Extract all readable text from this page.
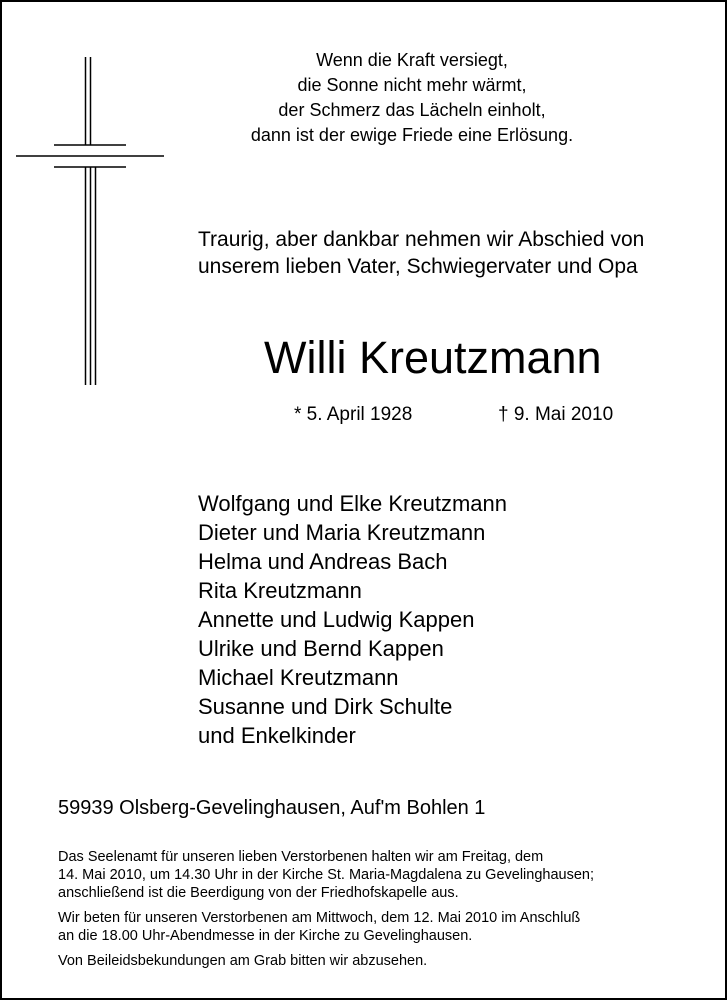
Wenn die Kraft versiegt,
die Sonne nicht mehr wärmt,
der Schmerz das Lächeln einholt,
dann ist der ewige Friede eine Erlösung.
Traurig, aber dankbar nehmen wir Abschied von
unserem lieben Vater, Schwiegervater und Opa
Willi Kreutzmann
* 5. April 1928	† 9. Mai 2010
Wolfgang und Elke Kreutzmann
Dieter und Maria Kreutzmann
Helma und Andreas Bach
Rita Kreutzmann
Annette und Ludwig Kappen
Ulrike und Bernd Kappen
Michael Kreutzmann
Susanne und Dirk Schulte
und Enkelkinder
59939 Olsberg-Gevelinghausen, Auf'm Bohlen 1
Das Seelenamt für unseren lieben Verstorbenen halten wir am Freitag, dem
14. Mai 2010, um 14.30 Uhr in der Kirche St. Maria-Magdalena zu Gevelinghausen;
anschließend ist die Beerdigung von der Friedhofskapelle aus.
Wir beten für unseren Verstorbenen am Mittwoch, dem 12. Mai 2010 im Anschluß
an die 18.00 Uhr-Abendmesse in der Kirche zu Gevelinghausen.
Von Beileidsbekundungen am Grab bitten wir abzusehen.
